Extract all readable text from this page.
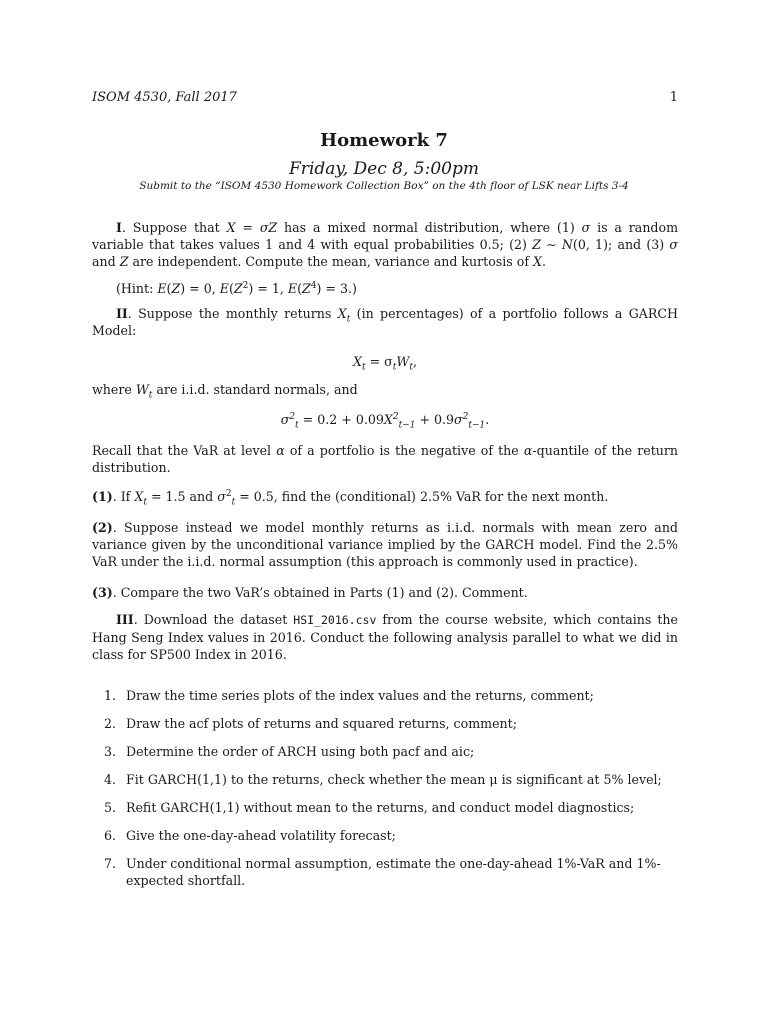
ISOM 4530, Fall 2017	1
Homework 7
Friday, Dec 8, 5:00pm
Submit to the “ISOM 4530 Homework Collection Box” on the 4th floor of LSK near Lifts 3-4

I. Suppose that X = σZ has a mixed normal distribution, where (1) σ is a random variable that takes values 1 and 4 with equal probabilities 0.5; (2) Z ∼ N(0, 1); and (3) σ and Z are independent. Compute the mean, variance and kurtosis of X.

(Hint: E(Z) = 0, $E(Z^2) = 1$, $E(Z^4) = 3$.)

II. Suppose the monthly returns $X_t$ (in percentages) of a portfolio follows a GARCH Model:

$X_t = \sigma_tW_t$,

where $W_t$ are i.i.d. standard normals, and

$\sigma^2_t = 0.2 + 0.09X^2_{t-1} + 0.9\sigma^2_{t-1}$.

Recall that the VaR at level α of a portfolio is the negative of the α-quantile of the return distribution.

(1). If $X_t = 1.5$ and $\sigma^2_t = 0.5$, find the (conditional) 2.5% VaR for the next month.

(2). Suppose instead we model monthly returns as i.i.d. normals with mean zero and variance given by the unconditional variance implied by the GARCH model. Find the 2.5% VaR under the i.i.d. normal assumption (this approach is commonly used in practice).

(3). Compare the two VaR’s obtained in Parts (1) and (2). Comment.

III. Download the dataset HSI_2016.csv from the course website, which contains the Hang Seng Index values in 2016. Conduct the following analysis parallel to what we did in class for SP500 Index in 2016.

1. Draw the time series plots of the index values and the returns, comment;
2. Draw the acf plots of returns and squared returns, comment;
3. Determine the order of ARCH using both pacf and aic;
4. Fit GARCH(1,1) to the returns, check whether the mean μ is significant at 5% level;
5. Refit GARCH(1,1) without mean to the returns, and conduct model diagnostics;
6. Give the one-day-ahead volatility forecast;
7. Under conditional normal assumption, estimate the one-day-ahead 1%-VaR and 1%-expected shortfall.
